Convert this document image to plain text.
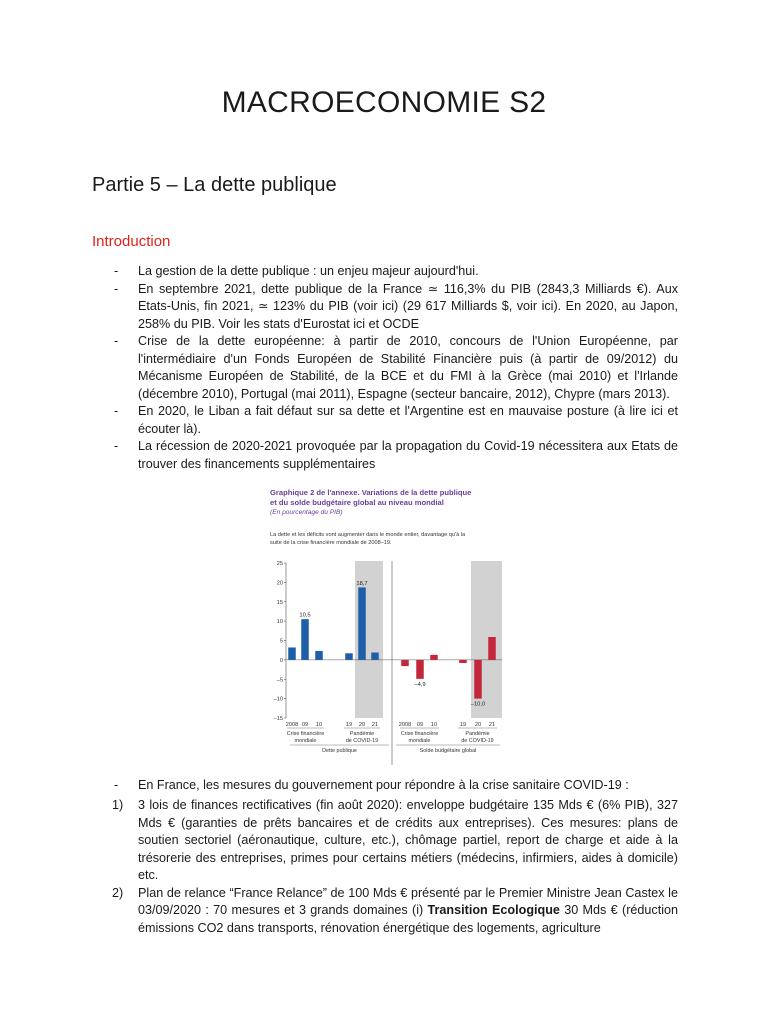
MACROECONOMIE S2
Partie 5 – La dette publique
Introduction
- La gestion de la dette publique : un enjeu majeur aujourd'hui.
- En septembre 2021, dette publique de la France ≃ 116,3% du PIB (2843,3 Milliards €). Aux Etats-Unis, fin 2021, ≃ 123% du PIB (voir ici) (29 617 Milliards $, voir ici). En 2020, au Japon, 258% du PIB. Voir les stats d'Eurostat ici et OCDE
- Crise de la dette européenne: à partir de 2010, concours de l'Union Européenne, par l'intermédiaire d'un Fonds Européen de Stabilité Financière puis (à partir de 09/2012) du Mécanisme Européen de Stabilité, de la BCE et du FMI à la Grèce (mai 2010) et l'Irlande (décembre 2010), Portugal (mai 2011), Espagne (secteur bancaire, 2012), Chypre (mars 2013).
- En 2020, le Liban a fait défaut sur sa dette et l'Argentine est en mauvaise posture (à lire ici et écouter là).
- La récession de 2020-2021 provoquée par la propagation du Covid-19 nécessitera aux Etats de trouver des financements supplémentaires
Graphique 2 de l'annexe. Variations de la dette publique
et du solde budgétaire global au niveau mondial
(En pourcentage du PIB)
La dette et les déficits vont augmenter dans le monde entier, davantage qu'à la
suite de la crise financière mondiale de 2008–19.
25
20
15
10
5
0
–5
–10
–15
2008
10,5
09 10
Crise financière
mondiale
19
18,7
20 21
Pandémie
de COVID-19
Dette publique
2008
–4,9
09 10
Crise financière
mondiale
19
–10,0
20 21
Pandémie
de COVID-19
Solde budgétaire global
- En France, les mesures du gouvernement pour répondre à la crise sanitaire COVID-19 :
1) 3 lois de finances rectificatives (fin août 2020): enveloppe budgétaire 135 Mds € (6% PIB), 327 Mds € (garanties de prêts bancaires et de crédits aux entreprises). Ces mesures: plans de soutien sectoriel (aéronautique, culture, etc.), chômage partiel, report de charge et aide à la trésorerie des entreprises, primes pour certains métiers (médecins, infirmiers, aides à domicile) etc.
2) Plan de relance “France Relance” de 100 Mds € présenté par le Premier Ministre Jean Castex le 03/09/2020 : 70 mesures et 3 grands domaines (i) Transition Ecologique 30 Mds € (réduction émissions CO2 dans transports, rénovation énergétique des logements, agriculture
